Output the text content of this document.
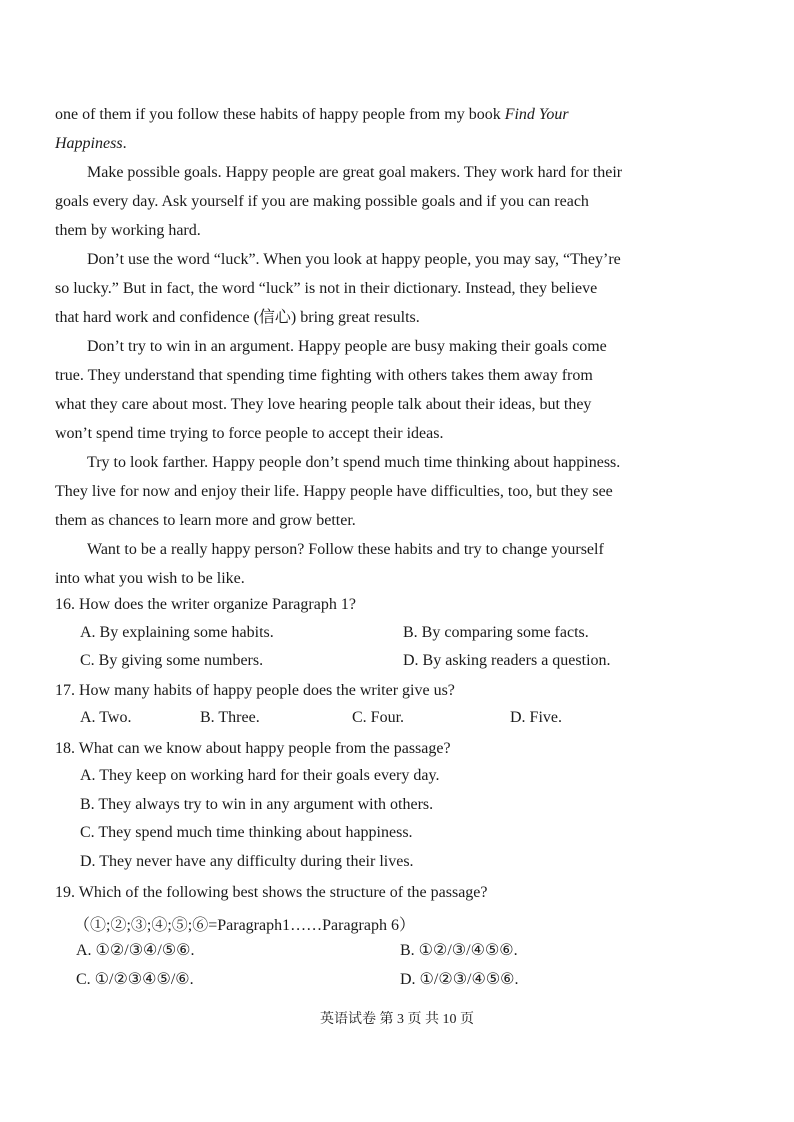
one of them if you follow these habits of happy people from my book Find Your
Happiness.
Make possible goals. Happy people are great goal makers. They work hard for their
goals every day. Ask yourself if you are making possible goals and if you can reach
them by working hard.
Don’t use the word “luck”. When you look at happy people, you may say, “They’re
so lucky.” But in fact, the word “luck” is not in their dictionary. Instead, they believe
that hard work and confidence (信心) bring great results.
Don’t try to win in an argument. Happy people are busy making their goals come
true. They understand that spending time fighting with others takes them away from
what they care about most. They love hearing people talk about their ideas, but they
won’t spend time trying to force people to accept their ideas.
Try to look farther. Happy people don’t spend much time thinking about happiness.
They live for now and enjoy their life. Happy people have difficulties, too, but they see
them as chances to learn more and grow better.
Want to be a really happy person? Follow these habits and try to change yourself
into what you wish to be like.
16. How does the writer organize Paragraph 1?
A. By explaining some habits.	B. By comparing some facts.
C. By giving some numbers.	D. By asking readers a question.
17. How many habits of happy people does the writer give us?
A. Two.	B. Three.	C. Four.	D. Five.
18. What can we know about happy people from the passage?
A. They keep on working hard for their goals every day.
B. They always try to win in any argument with others.
C. They spend much time thinking about happiness.
D. They never have any difficulty during their lives.
19. Which of the following best shows the structure of the passage?
（①;②;③;④;⑤;⑥=Paragraph1……Paragraph 6）
A. ①②/③④/⑤⑥.	B. ①②/③/④⑤⑥.
C. ①/②③④⑤/⑥.	D. ①/②③/④⑤⑥.
英语试卷 第 3 页 共 10 页
